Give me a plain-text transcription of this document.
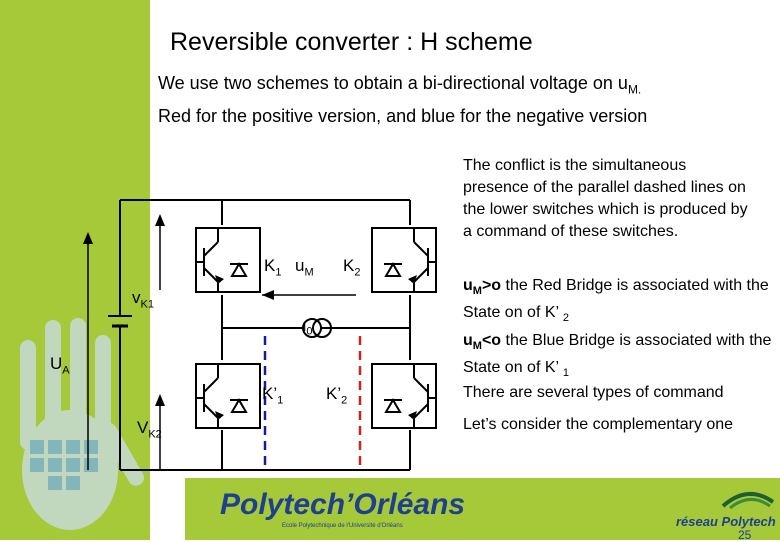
Reversible converter : H scheme
We use two schemes to obtain a bi-directional voltage on $u_{M.}$
Red for the positive version, and blue for the negative version
$K_1$ $u_M$ $K_2$
$v_{K1}$
$U_A$
$I_0$
$K’_1$	$K’_2$
$V_{K2}$
The conflict is the simultaneous presence of the parallel dashed lines on the lower switches which is produced by a command of these switches.
$u_M>o$ the Red Bridge is associated with the State on of K’ $_2$
$u_M<o$ the Blue Bridge is associated with the State on of K’ $_1$
There are several types of command
Let’s consider the complementary one
Polytech’Orléans
Ecole Polytechnique de l'Université d'Orléans	réseau Polytech
25
